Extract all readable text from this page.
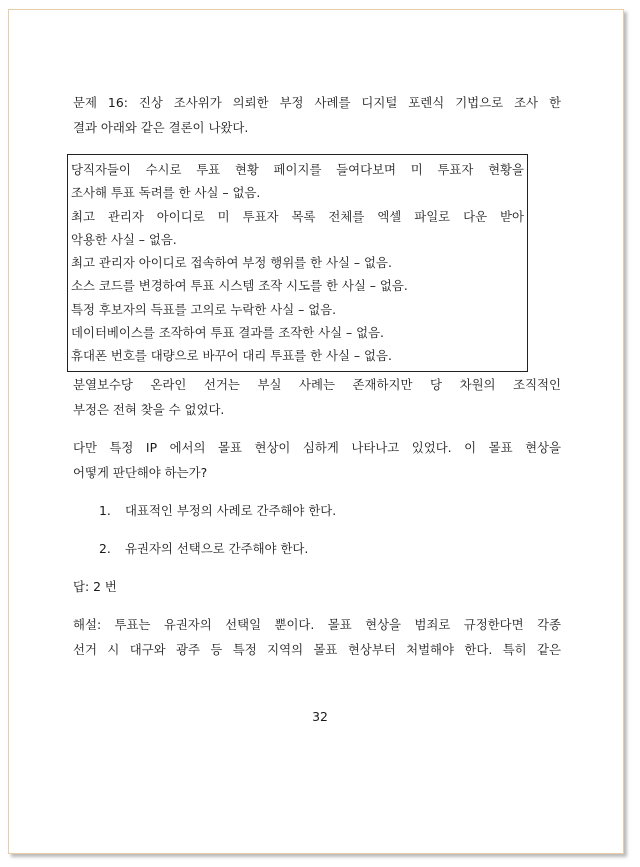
문제 16: 진상 조사위가 의뢰한 부정 사례를 디지털 포렌식 기법으로 조사 한
결과 아래와 같은 결론이 나왔다.
당직자들이 수시로 투표 현황 페이지를 들여다보며 미 투표자 현황을
조사해 투표 독려를 한 사실 – 없음.
최고 관리자 아이디로 미 투표자 목록 전체를 엑셀 파일로 다운 받아
악용한 사실 – 없음.
최고 관리자 아이디로 접속하여 부정 행위를 한 사실 – 없음.
소스 코드를 변경하여 투표 시스템 조작 시도를 한 사실 – 없음.
특정 후보자의 득표를 고의로 누락한 사실 – 없음.
데이터베이스를 조작하여 투표 결과를 조작한 사실 – 없음.
휴대폰 번호를 대량으로 바꾸어 대리 투표를 한 사실 – 없음.
분열보수당 온라인 선거는 부실 사례는 존재하지만 당 차원의 조직적인
부정은 전혀 찾을 수 없었다.
다만 특정 IP 에서의 몰표 현상이 심하게 나타나고 있었다. 이 몰표 현상을
어떻게 판단해야 하는가?
1. 대표적인 부정의 사례로 간주해야 한다.
2. 유권자의 선택으로 간주해야 한다.
답: 2 번
해설: 투표는 유권자의 선택일 뿐이다. 몰표 현상을 범죄로 규정한다면 각종
선거 시 대구와 광주 등 특정 지역의 몰표 현상부터 처벌해야 한다. 특히 같은
32
